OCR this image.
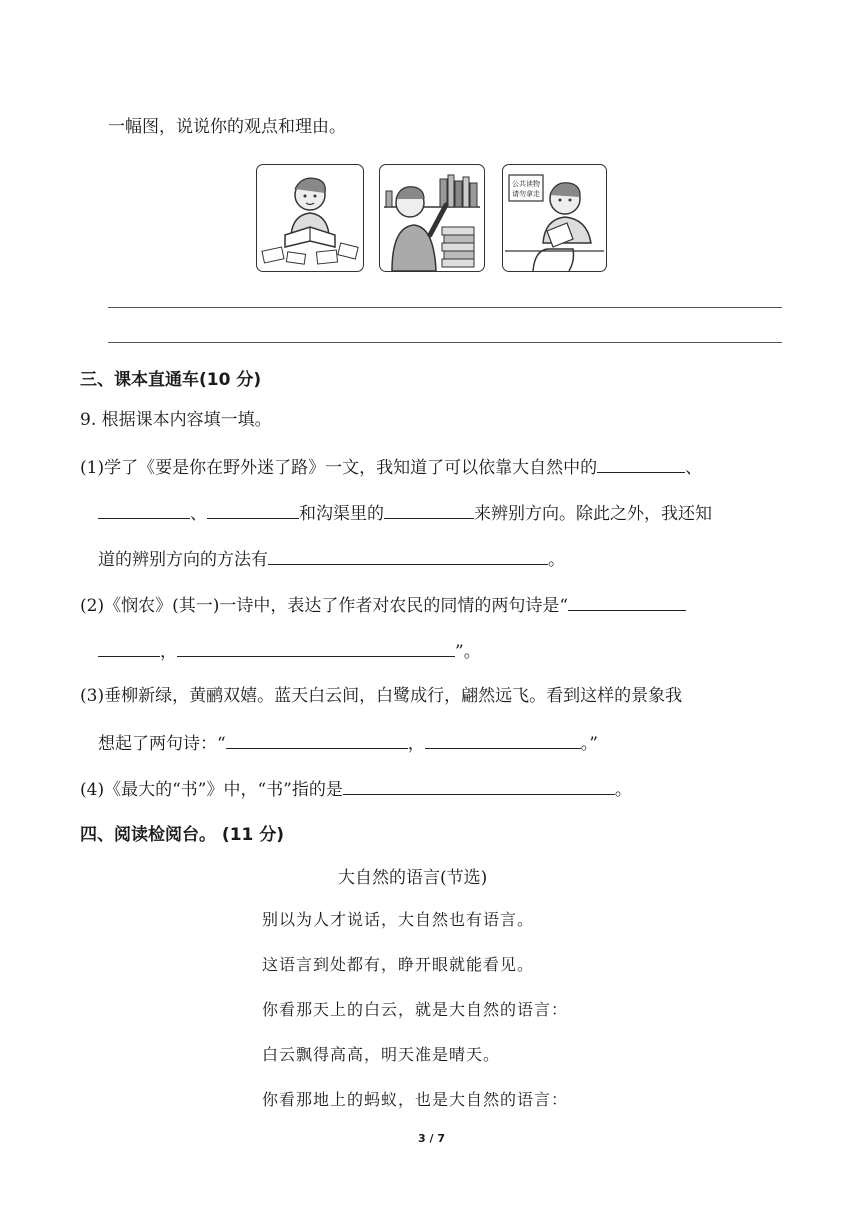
一幅图，说说你的观点和理由。
公共读物
请勿拿走
三、课本直通车(10 分)
9. 根据课本内容填一填。
(1)学了《要是你在野外迷了路》一文，我知道了可以依靠大自然中的	、
、	和沟渠里的	来辨别方向。除此之外，我还知
道的辨别方向的方法有	。
(2)《悯农》(其一)一诗中，表达了作者对农民的同情的两句诗是“
，	”。
(3)垂柳新绿，黄鹂双嬉。蓝天白云间，白鹭成行，翩然远飞。看到这样的景象我
想起了两句诗：“	，	。”
(4)《最大的“书”》中，“书”指的是	。
四、阅读检阅台。 (11 分)
大自然的语言(节选)
别以为人才说话，大自然也有语言。
这语言到处都有，睁开眼就能看见。
你看那天上的白云，就是大自然的语言：
白云飘得高高，明天准是晴天。
你看那地上的蚂蚁，也是大自然的语言：
3 / 7
